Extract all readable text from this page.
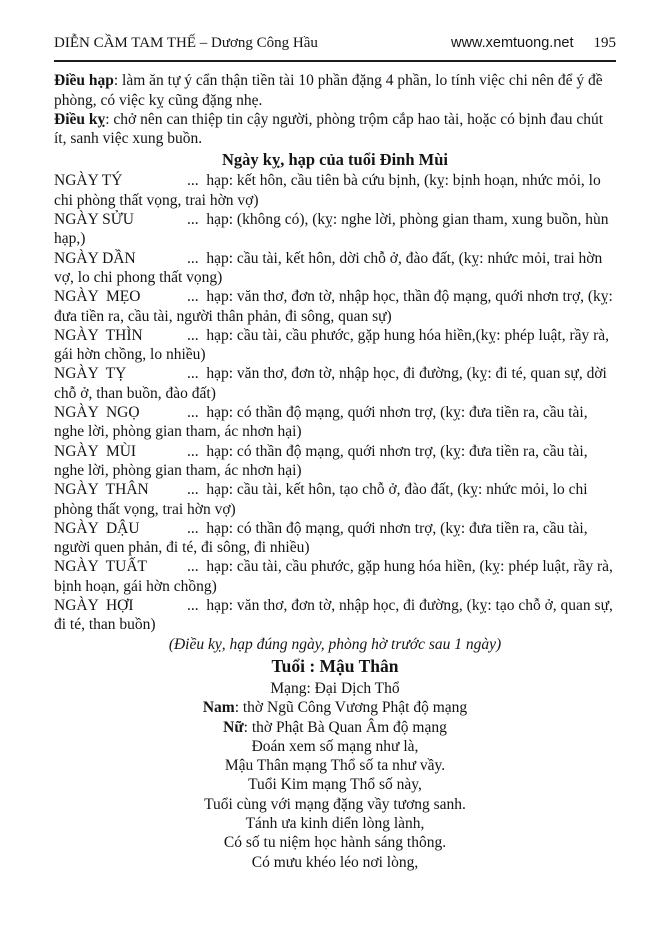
DIỄN CẦM TAM THẾ – Dương Công Hầu	www.xemtuong.net 195

Điều hạp: làm ăn tự ý cẩn thận tiền tài 10 phần đặng 4 phần, lo tính việc chi nên để ý đề phòng, có việc kỵ cũng đặng nhẹ.

Điều kỵ: chở nên can thiệp tin cậy người, phòng trộm cắp hao tài, hoặc có bịnh đau chút ít, sanh việc xung buồn.

Ngày kỵ, hạp của tuổi Đinh Mùi

NGÀY TÝ	...  hạp: kết hôn, cầu tiên bà cứu bịnh, (kỵ: bịnh hoạn, nhức mỏi, lo chi phòng thất vọng, trai hờn vợ)

NGÀY SỬU	...  hạp: (không có), (kỵ: nghe lời, phòng gian tham, xung buồn, hùn hạp,)

NGÀY DẦN	...  hạp: cầu tài, kết hôn, dời chỗ ở, đào đất, (kỵ: nhức mỏi, trai hờn vợ, lo chi phong thất vọng)

NGÀY  MẸO	...  hạp: văn thơ, đơn tờ, nhập học, thần độ mạng, quới nhơn trợ, (kỵ: đưa tiền ra, cầu tài, người thân phản, đi sông, quan sự)

NGÀY  THÌN	...  hạp: cầu tài, cầu phước, gặp hung hóa hiền,(kỵ: phép luật, rầy rà, gái hờn chồng, lo nhiều)

NGÀY  TỴ	...  hạp: văn thơ, đơn tờ, nhập học, đi đường, (kỵ: đi té, quan sự, dời chỗ ở, than buồn, đào đất)

NGÀY  NGỌ	...  hạp: có thần độ mạng, quới nhơn trợ, (kỵ: đưa tiền ra, cầu tài, nghe lời, phòng gian tham, ác nhơn hại)

NGÀY  MÙI	...  hạp: có thần độ mạng, quới nhơn trợ, (kỵ: đưa tiền ra, cầu tài, nghe lời, phòng gian tham, ác nhơn hại)

NGÀY  THÂN ...  hạp: cầu tài, kết hôn, tạo chỗ ở, đào đất, (kỵ: nhức mỏi, lo chi phòng thất vọng, trai hờn vợ)

NGÀY  DẬU	...  hạp: có thần độ mạng, quới nhơn trợ, (kỵ: đưa tiền ra, cầu tài, người quen phản, đi té, đi sông, đi nhiều)

NGÀY  TUẤT	...  hạp: cầu tài, cầu phước, gặp hung hóa hiền, (kỵ: phép luật, rầy rà, bịnh hoạn, gái hờn chồng)

NGÀY  HỢI	...  hạp: văn thơ, đơn tờ, nhập học, đi đường, (kỵ: tạo chỗ ở, quan sự, đi té, than buồn)

(Điều kỵ, hạp đúng ngày, phòng hờ trước sau 1 ngày)

Tuổi : Mậu Thân

Mạng: Đại Dịch Thổ

Nam: thờ Ngũ Công Vương Phật độ mạng

Nữ: thờ Phật Bà Quan Âm độ mạng

Đoán xem số mạng như là,

Mậu Thân mạng Thổ số ta như vầy.

Tuổi Kim mạng Thổ số này,

Tuổi cùng với mạng đặng vầy tương sanh.

Tánh ưa kinh diển lòng lành,

Có số tu niệm học hành sáng thông.

Có mưu khéo léo nơi lòng,
